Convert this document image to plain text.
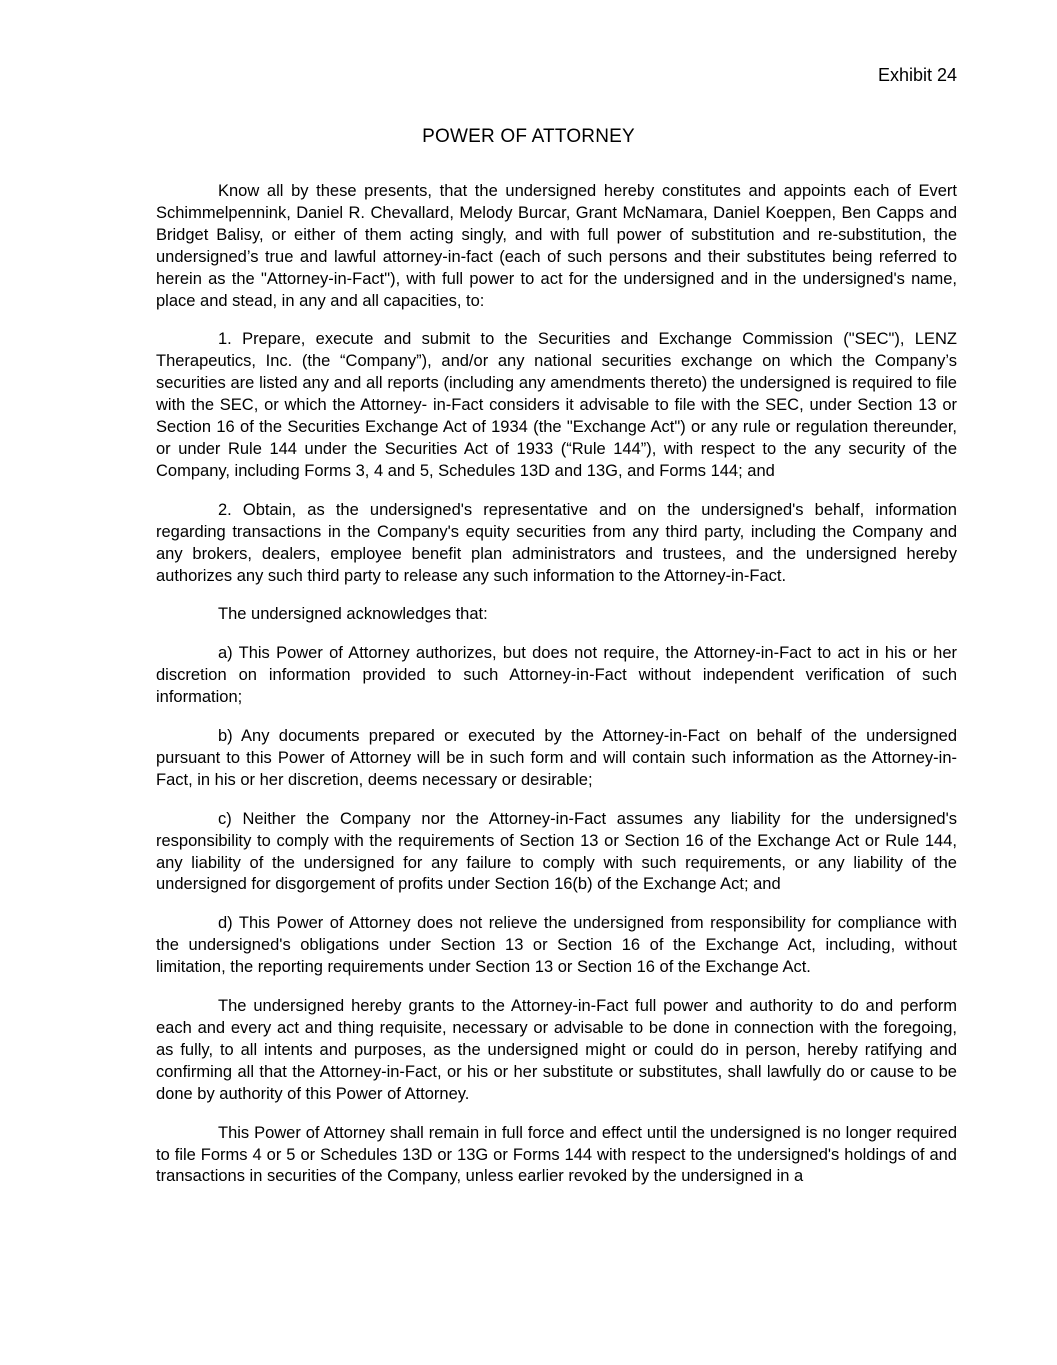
Exhibit 24
POWER OF ATTORNEY

Know all by these presents, that the undersigned hereby constitutes and appoints each of Evert Schimmelpennink, Daniel R. Chevallard, Melody Burcar, Grant McNamara, Daniel Koeppen, Ben Capps and Bridget Balisy, or either of them acting singly, and with full power of substitution and re-substitution, the undersigned’s true and lawful attorney-in-fact (each of such persons and their substitutes being referred to herein as the "Attorney-in-Fact"), with full power to act for the undersigned and in the undersigned's name, place and stead, in any and all capacities, to:

1. Prepare, execute and submit to the Securities and Exchange Commission ("SEC"), LENZ Therapeutics, Inc. (the “Company”), and/or any national securities exchange on which the Company’s securities are listed any and all reports (including any amendments thereto) the undersigned is required to file with the SEC, or which the Attorney- in-Fact considers it advisable to file with the SEC, under Section 13 or Section 16 of the Securities Exchange Act of 1934 (the "Exchange Act") or any rule or regulation thereunder, or under Rule 144 under the Securities Act of 1933 (“Rule 144”), with respect to the any security of the Company, including Forms 3, 4 and 5, Schedules 13D and 13G, and Forms 144; and

2. Obtain, as the undersigned's representative and on the undersigned's behalf, information regarding transactions in the Company's equity securities from any third party, including the Company and any brokers, dealers, employee benefit plan administrators and trustees, and the undersigned hereby authorizes any such third party to release any such information to the Attorney-in-Fact.

The undersigned acknowledges that:

a) This Power of Attorney authorizes, but does not require, the Attorney-in-Fact to act in his or her discretion on information provided to such Attorney-in-Fact without independent verification of such information;

b) Any documents prepared or executed by the Attorney-in-Fact on behalf of the undersigned pursuant to this Power of Attorney will be in such form and will contain such information as the Attorney-in-Fact, in his or her discretion, deems necessary or desirable;

c) Neither the Company nor the Attorney-in-Fact assumes any liability for the undersigned's responsibility to comply with the requirements of Section 13 or Section 16 of the Exchange Act or Rule 144, any liability of the undersigned for any failure to comply with such requirements, or any liability of the undersigned for disgorgement of profits under Section 16(b) of the Exchange Act; and

d) This Power of Attorney does not relieve the undersigned from responsibility for compliance with the undersigned's obligations under Section 13 or Section 16 of the Exchange Act, including, without limitation, the reporting requirements under Section 13 or Section 16 of the Exchange Act.

The undersigned hereby grants to the Attorney-in-Fact full power and authority to do and perform each and every act and thing requisite, necessary or advisable to be done in connection with the foregoing, as fully, to all intents and purposes, as the undersigned might or could do in person, hereby ratifying and confirming all that the Attorney-in-Fact, or his or her substitute or substitutes, shall lawfully do or cause to be done by authority of this Power of Attorney.

This Power of Attorney shall remain in full force and effect until the undersigned is no longer required to file Forms 4 or 5 or Schedules 13D or 13G or Forms 144 with respect to the undersigned's holdings of and transactions in securities of the Company, unless earlier revoked by the undersigned in a
